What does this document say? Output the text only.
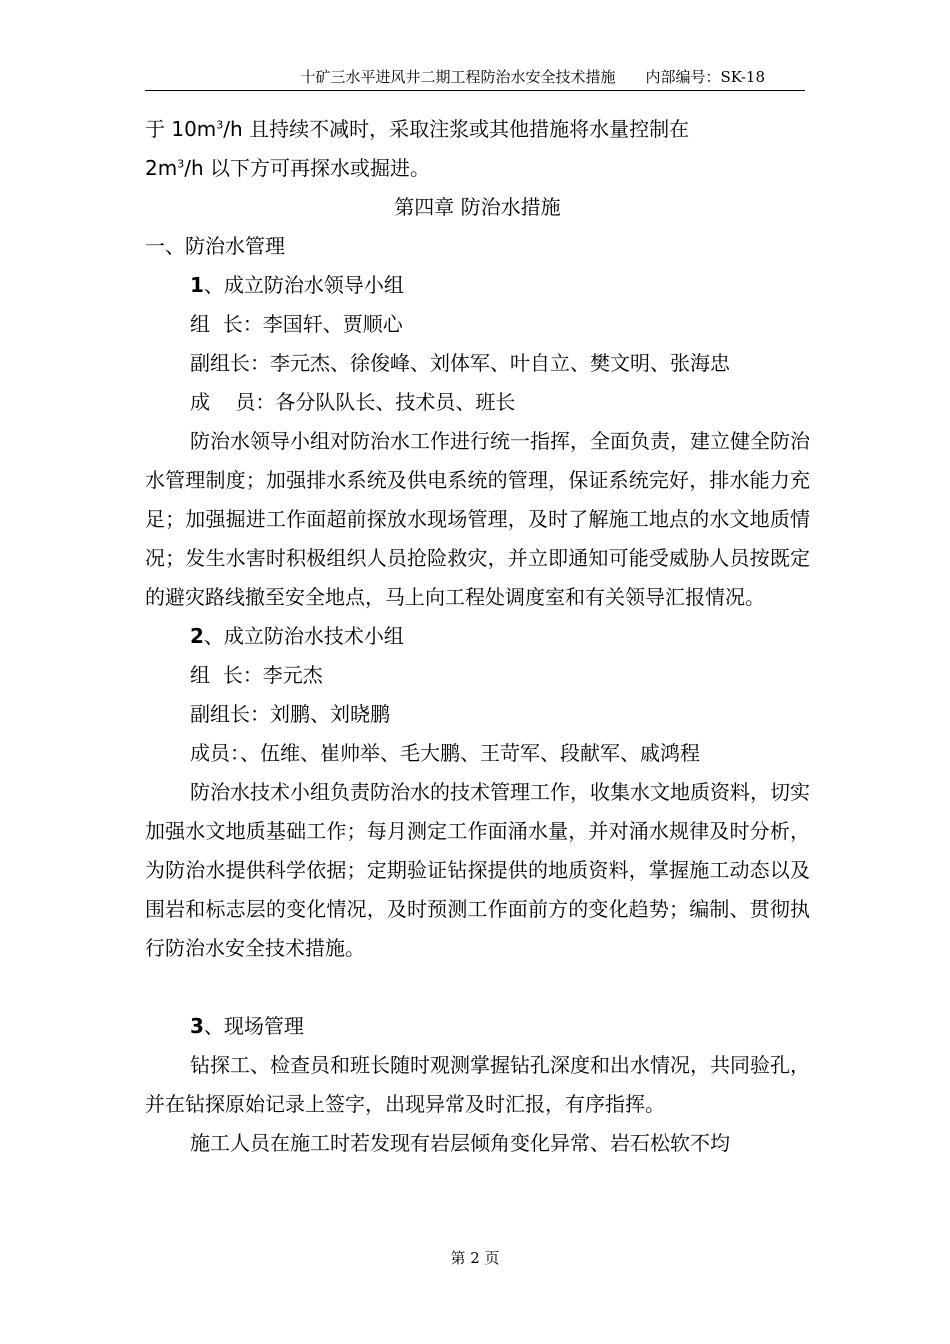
十矿三水平进风井二期工程防治水安全技术措施 内部编号：SK-18

于 $10m^3/h$ 且持续不减时，采取注浆或其他措施将水量控制在
$2m^3/h$ 以下方可再探水或掘进。

第四章 防治水措施

一、防治水管理

1、成立防治水领导小组

组  长：李国轩、贾顺心

副组长：李元杰、徐俊峰、刘体军、叶自立、樊文明、张海忠

成    员：各分队队长、技术员、班长

防治水领导小组对防治水工作进行统一指挥，全面负责，建立健全防治水管理制度；加强排水系统及供电系统的管理，保证系统完好，排水能力充足；加强掘进工作面超前探放水现场管理，及时了解施工地点的水文地质情况；发生水害时积极组织人员抢险救灾，并立即通知可能受威胁人员按既定的避灾路线撤至安全地点，马上向工程处调度室和有关领导汇报情况。

2、成立防治水技术小组

组  长：李元杰

副组长：刘鹏、刘晓鹏

成员：、伍维、崔帅举、毛大鹏、王苛军、段献军、戚鸿程

防治水技术小组负责防治水的技术管理工作，收集水文地质资料，切实加强水文地质基础工作；每月测定工作面涌水量，并对涌水规律及时分析，为防治水提供科学依据；定期验证钻探提供的地质资料，掌握施工动态以及围岩和标志层的变化情况，及时预测工作面前方的变化趋势；编制、贯彻执行防治水安全技术措施。

3、现场管理

钻探工、检查员和班长随时观测掌握钻孔深度和出水情况，共同验孔，并在钻探原始记录上签字，出现异常及时汇报，有序指挥。

施工人员在施工时若发现有岩层倾角变化异常、岩石松软不均

第 2 页
